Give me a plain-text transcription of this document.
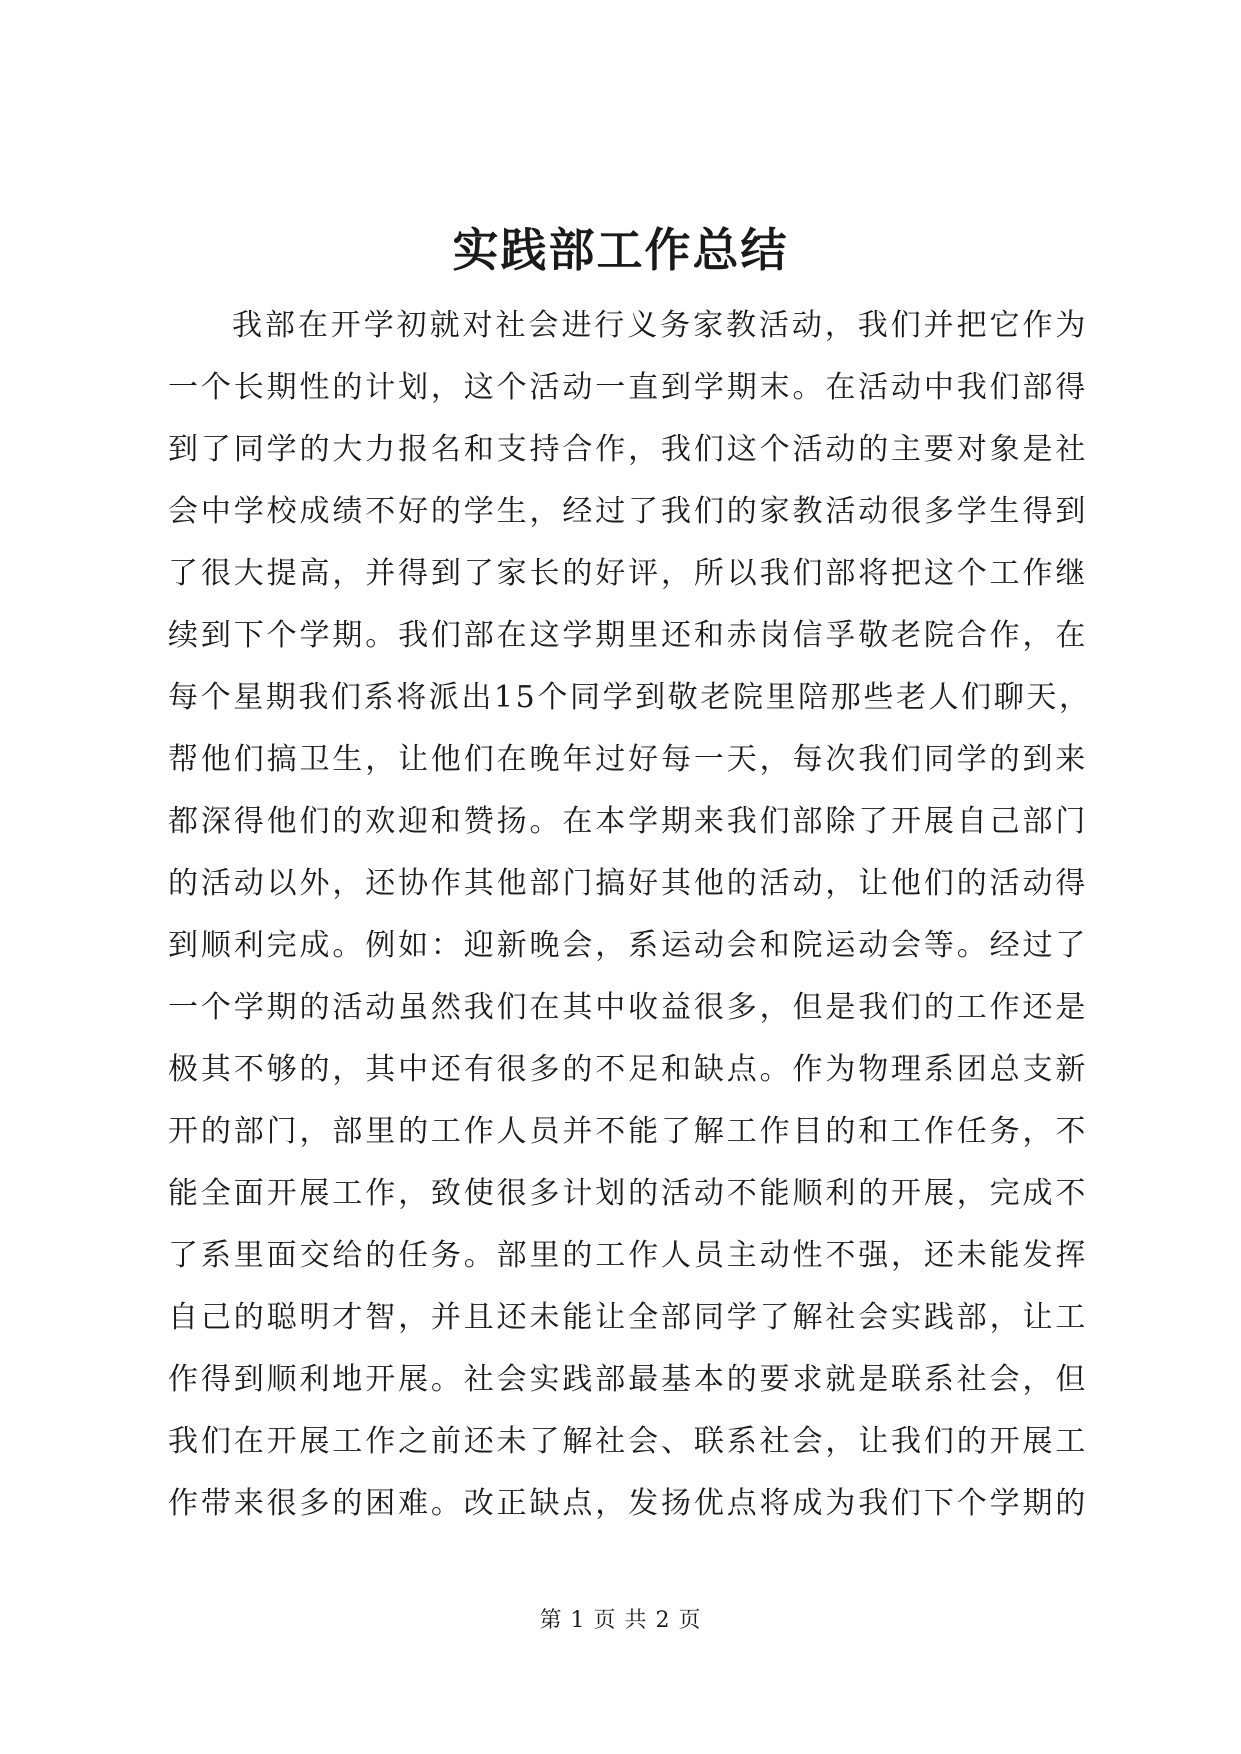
实践部工作总结
我部在开学初就对社会进行义务家教活动，我们并把它作为
一个长期性的计划，这个活动一直到学期末。在活动中我们部得
到了同学的大力报名和支持合作，我们这个活动的主要对象是社
会中学校成绩不好的学生，经过了我们的家教活动很多学生得到
了很大提高，并得到了家长的好评，所以我们部将把这个工作继
续到下个学期。我们部在这学期里还和赤岗信孚敬老院合作，在
每个星期我们系将派出15个同学到敬老院里陪那些老人们聊天，
帮他们搞卫生，让他们在晚年过好每一天，每次我们同学的到来
都深得他们的欢迎和赞扬。在本学期来我们部除了开展自己部门
的活动以外，还协作其他部门搞好其他的活动，让他们的活动得
到顺利完成。例如：迎新晚会，系运动会和院运动会等。经过了
一个学期的活动虽然我们在其中收益很多，但是我们的工作还是
极其不够的，其中还有很多的不足和缺点。作为物理系团总支新
开的部门，部里的工作人员并不能了解工作目的和工作任务，不
能全面开展工作，致使很多计划的活动不能顺利的开展，完成不
了系里面交给的任务。部里的工作人员主动性不强，还未能发挥
自己的聪明才智，并且还未能让全部同学了解社会实践部，让工
作得到顺利地开展。社会实践部最基本的要求就是联系社会，但
我们在开展工作之前还未了解社会、联系社会，让我们的开展工
作带来很多的困难。改正缺点，发扬优点将成为我们下个学期的
第 1 页 共 2 页
